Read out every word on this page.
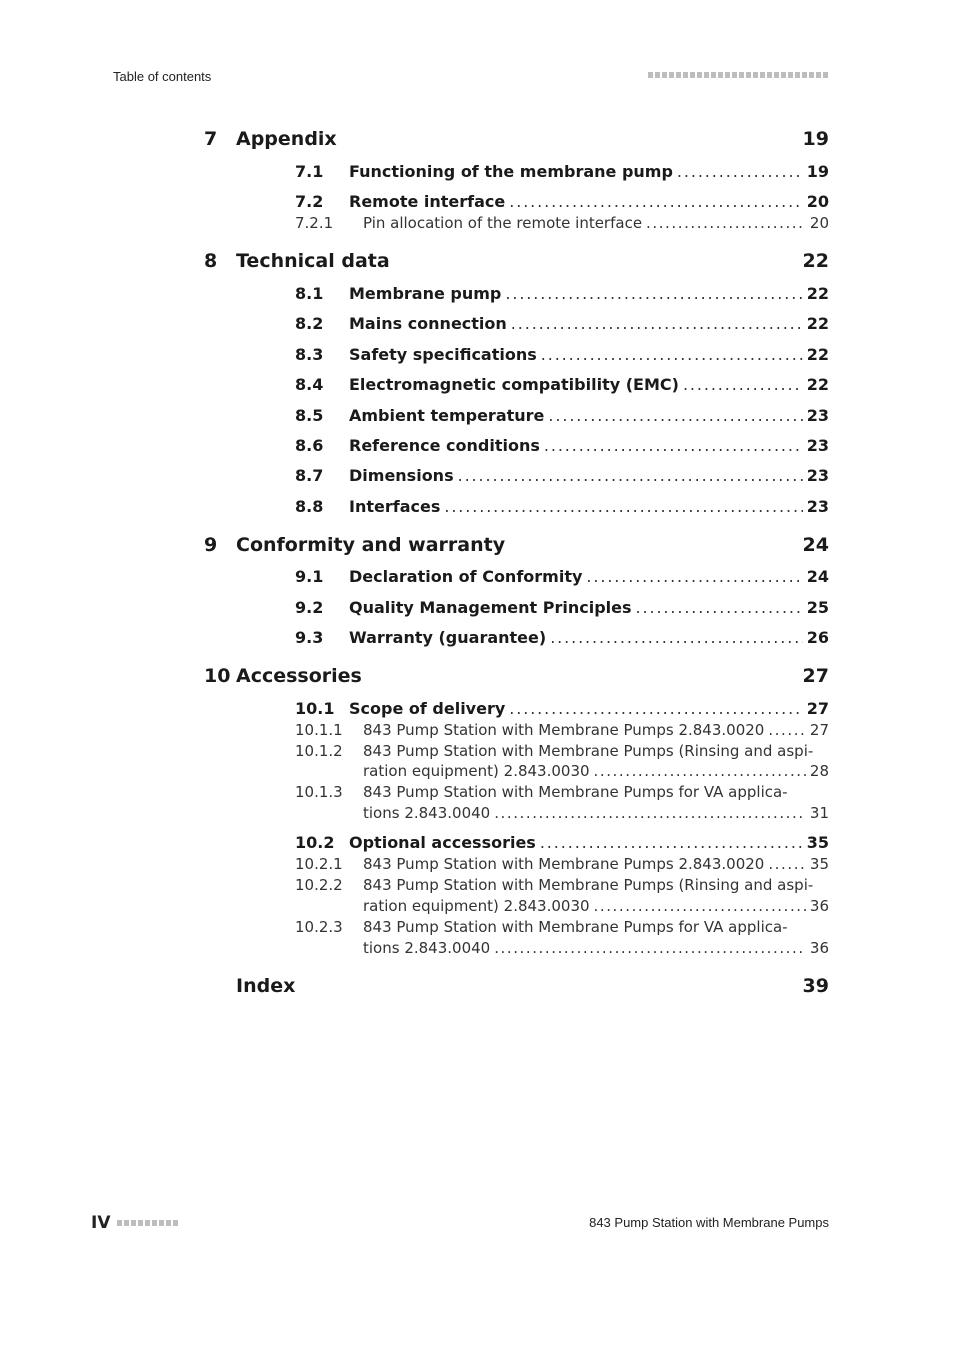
Table of contents
7 Appendix	19
7.1	Functioning of the membrane pump . . .	19
7.2	Remote interface . . .	20
7.2.1	Pin allocation of the remote interface . . .	20
8 Technical data	22
8.1	Membrane pump . . .	22
8.2	Mains connection . . .	22
8.3	Safety specifications . . .	22
8.4	Electromagnetic compatibility (EMC) . . .	22
8.5	Ambient temperature . . .	23
8.6	Reference conditions . . .	23
8.7	Dimensions . . .	23
8.8	Interfaces . . .	23
9 Conformity and warranty	24
9.1	Declaration of Conformity . . .	24
9.2	Quality Management Principles . . .	25
9.3	Warranty (guarantee) . . .	26
10 Accessories	27
10.1 Scope of delivery . . .	27
10.1.1	843 Pump Station with Membrane Pumps 2.843.0020 . . .	27
10.1.2	843 Pump Station with Membrane Pumps (Rinsing and aspi-
ration equipment) 2.843.0030 . . .	28
10.1.3	843 Pump Station with Membrane Pumps for VA applica-
tions 2.843.0040 . . .	31
10.2 Optional accessories . . .	35
10.2.1	843 Pump Station with Membrane Pumps 2.843.0020 . . .	35
10.2.2	843 Pump Station with Membrane Pumps (Rinsing and aspi-
ration equipment) 2.843.0030 . . .	36
10.2.3	843 Pump Station with Membrane Pumps for VA applica-
tions 2.843.0040 . . .	36
Index	39
IV	843 Pump Station with Membrane Pumps
